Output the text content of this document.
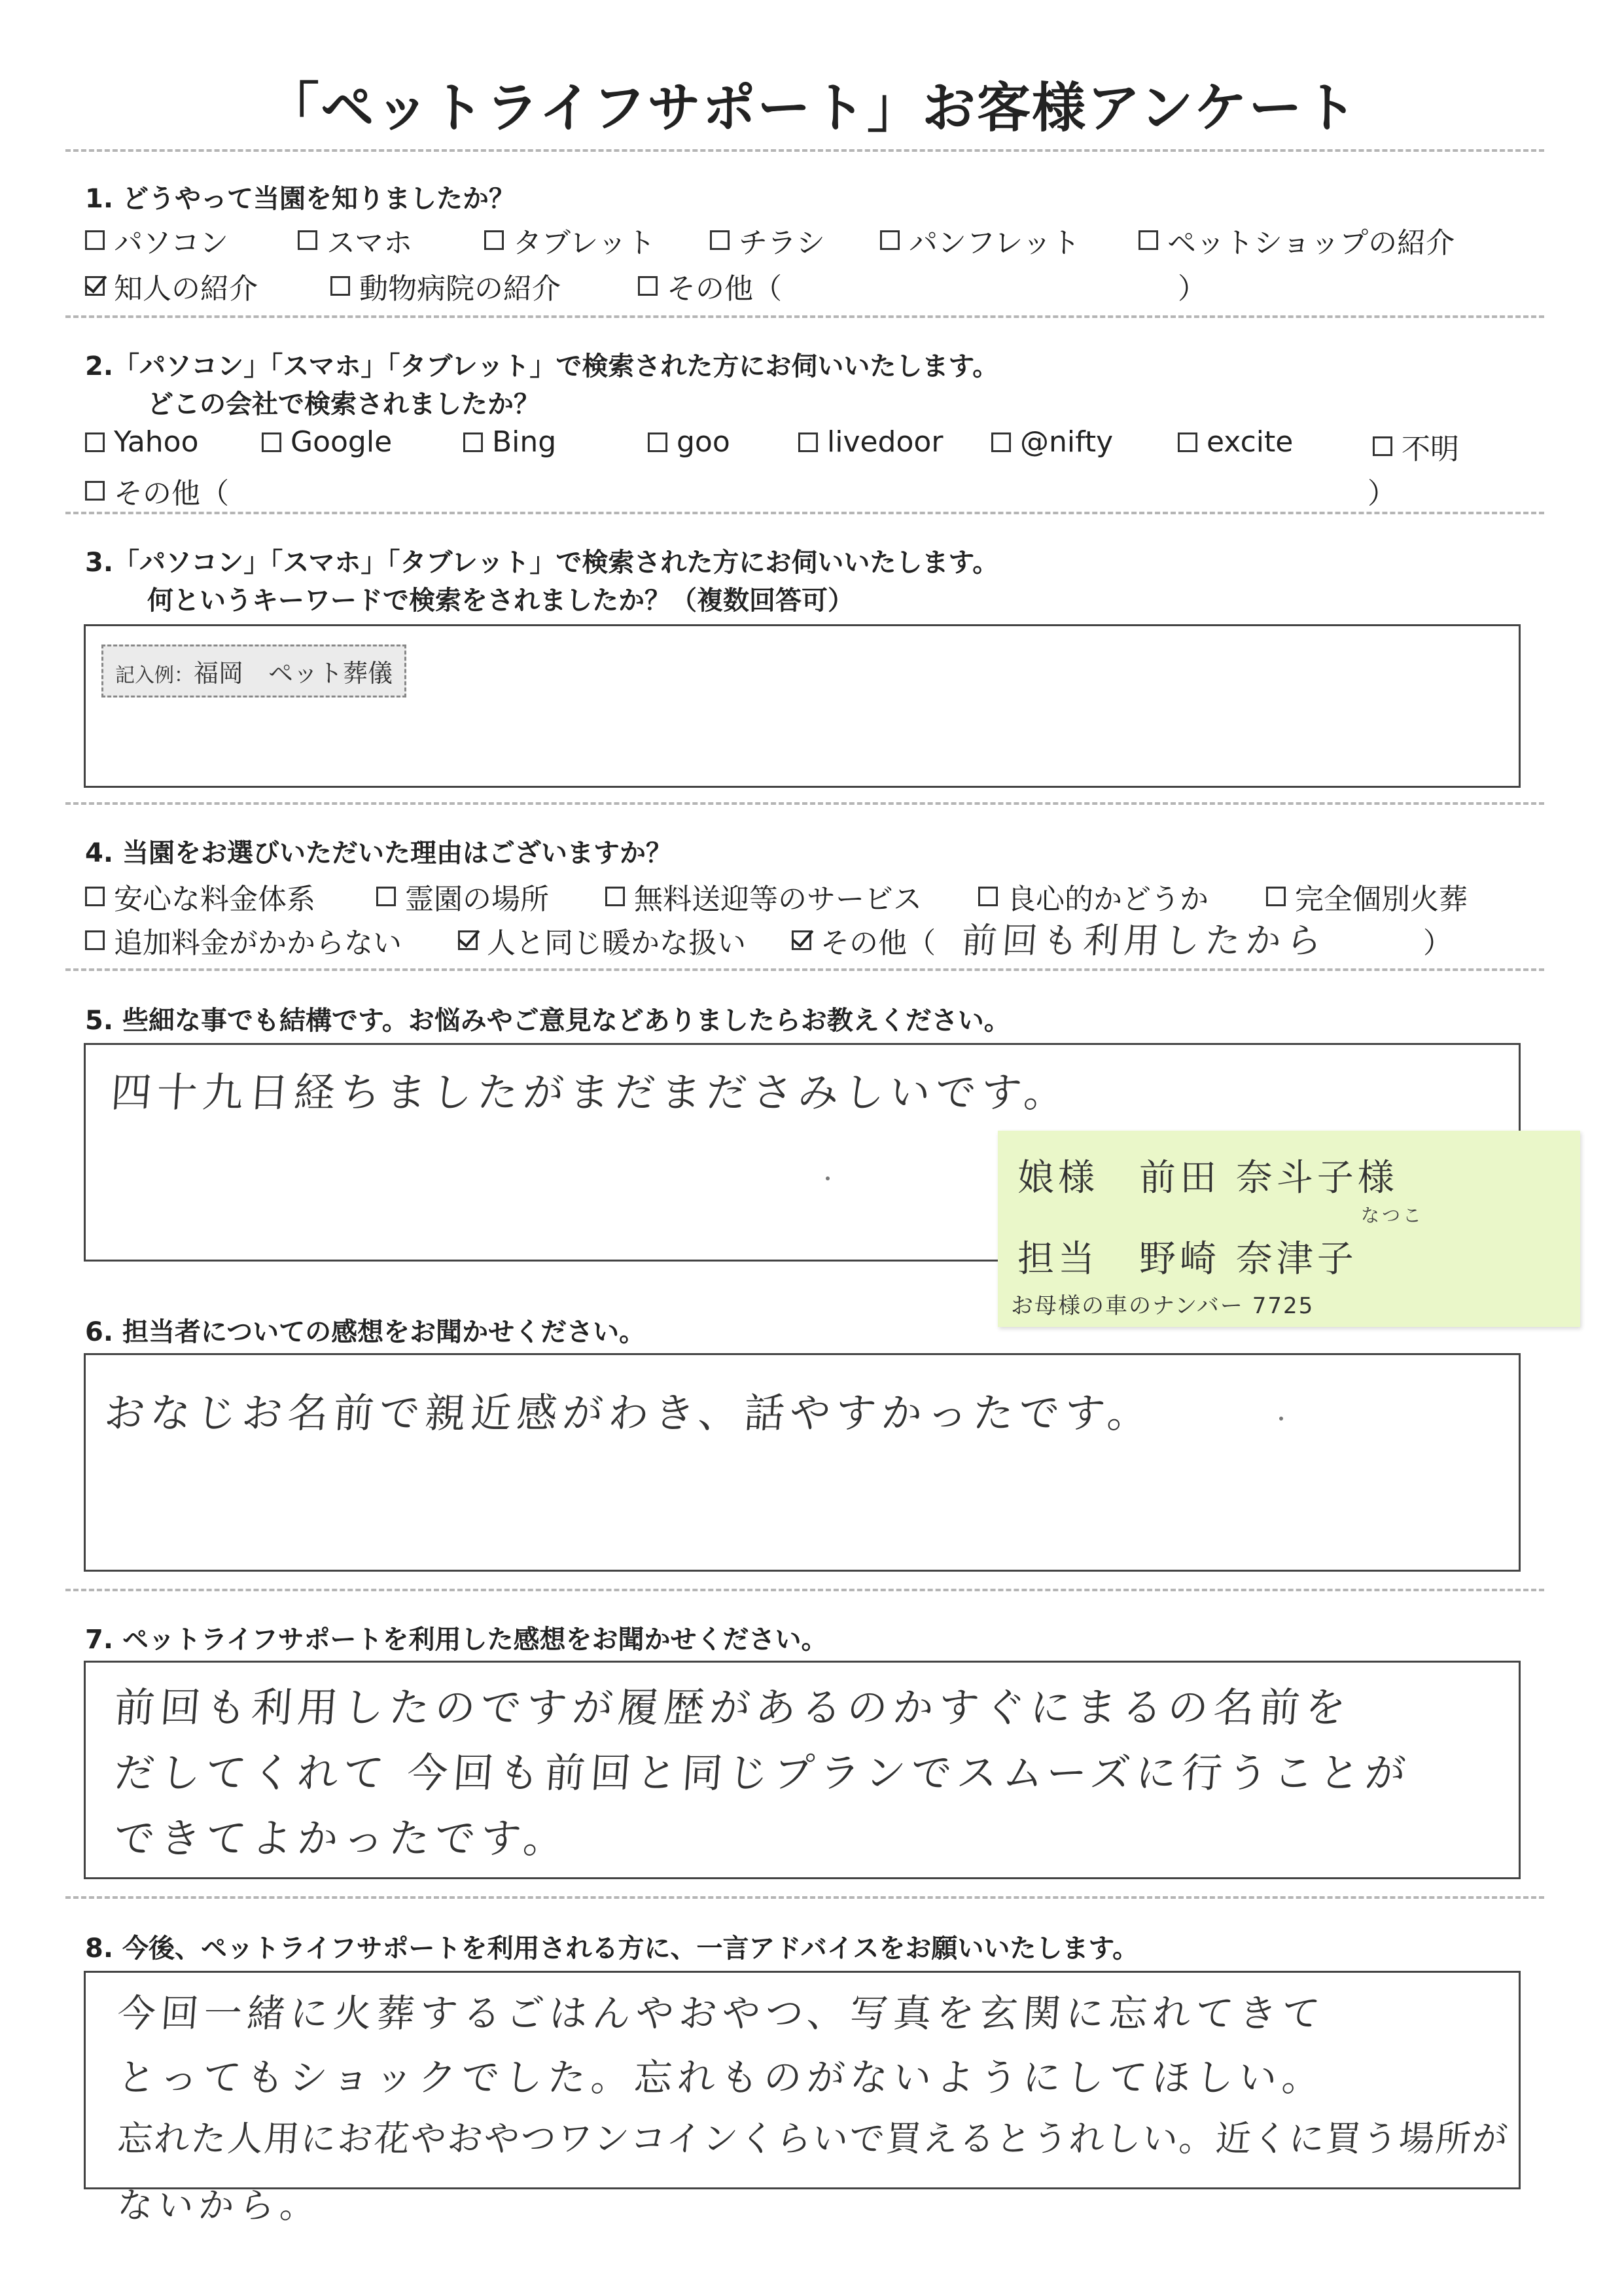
「ペットライフサポート」お客様アンケート
1. どうやって当園を知りましたか？
パソコン	スマホ	タブレット	チラシ	パンフレット	ペットショップの紹介
知人の紹介	動物病院の紹介	その他（	）
2.「パソコン」「スマホ」「タブレット」で検索された方にお伺いいたします。
どこの会社で検索されましたか？
Yahoo	Google	Bing	goo	livedoor	@nifty	excite	不明
その他（	）
3.「パソコン」「スマホ」「タブレット」で検索された方にお伺いいたします。
何というキーワードで検索をされましたか？（複数回答可）
記入例：福岡　ペット葬儀
4. 当園をお選びいただいた理由はございますか？
安心な料金体系	霊園の場所	無料送迎等のサービス	良心的かどうか	完全個別火葬
追加料金がかからない	人と同じ暖かな扱い	その他（ 前回も利用したから	）
5. 些細な事でも結構です。お悩みやご意見などありましたらお教えください。
四十九日経ちましたがまだまださみしいです。
娘様　前田 奈斗子様
なつこ
担当　野崎 奈津子
お母様の車のナンバー 7725
6. 担当者についての感想をお聞かせください。
おなじお名前で親近感がわき、話やすかったです。
7. ペットライフサポートを利用した感想をお聞かせください。
前回も利用したのですが履歴があるのかすぐにまるの名前を
だしてくれて 今回も前回と同じプランでスムーズに行うことが
できてよかったです。
8. 今後、ペットライフサポートを利用される方に、一言アドバイスをお願いいたします。
今回一緒に火葬するごはんやおやつ、写真を玄関に忘れてきて
とってもショックでした。忘れものがないようにしてほしい。
忘れた人用にお花やおやつワンコインくらいで買えるとうれしい。近くに買う場所が
ないから。
